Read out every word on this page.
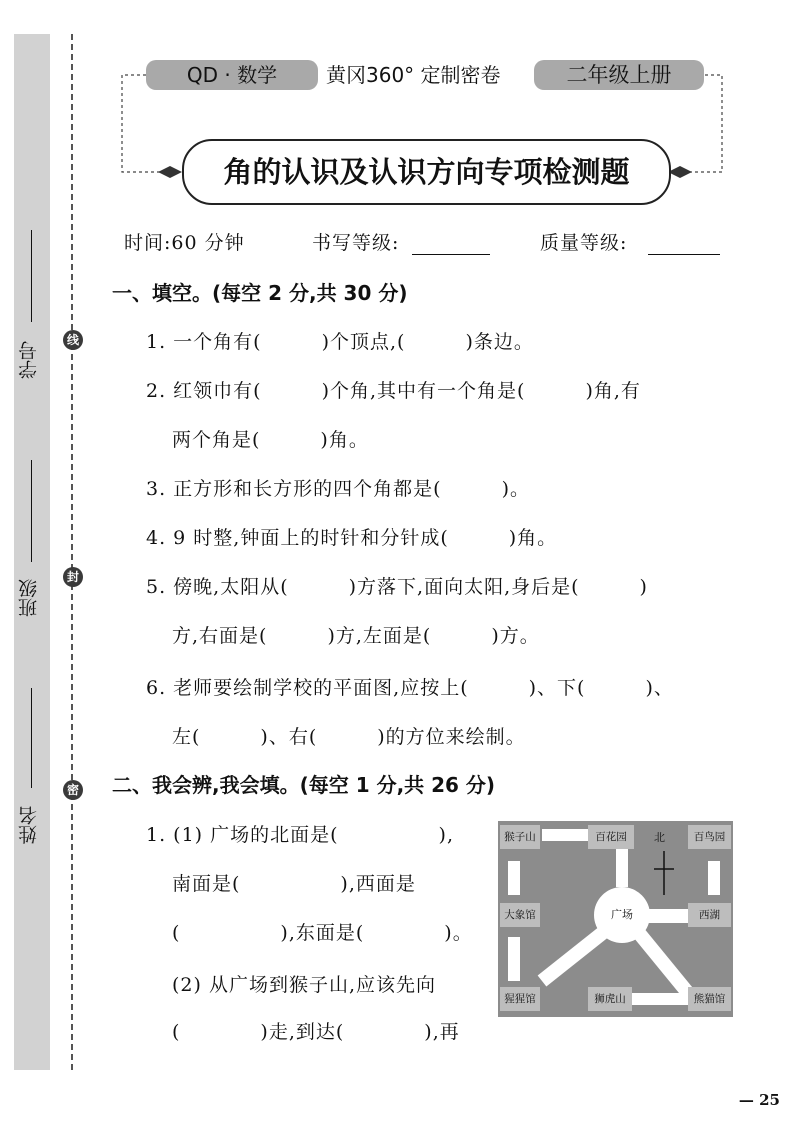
学号
班级
姓名
线
封
密
QD · 数学	黄冈360° 定制密卷	二年级上册
角的认识及认识方向专项检测题
时间:60 分钟	书写等级:	质量等级:
一、填空。(每空 2 分,共 30 分)
1. 一个角有(　　　)个顶点,(　　　)条边。
2. 红领巾有(　　　)个角,其中有一个角是(　　　)角,有
两个角是(　　　)角。
3. 正方形和长方形的四个角都是(　　　)。
4. 9 时整,钟面上的时针和分针成(　　　)角。
5. 傍晚,太阳从(　　　)方落下,面向太阳,身后是(　　　)
方,右面是(　　　)方,左面是(　　　)方。
6. 老师要绘制学校的平面图,应按上(　　　)、下(　　　)、
左(　　　)、右(　　　)的方位来绘制。
二、我会辨,我会填。(每空 1 分,共 26 分)
1. (1) 广场的北面是(　　　　　),
南面是(　　　　　),西面是
(　　　　　),东面是(　　　　)。
(2) 从广场到猴子山,应该先向
(　　　　)走,到达(　　　　),再
猴子山	百花园	百鸟园
大象馆	西湖
猩猩馆	狮虎山	熊猫馆
广场
北
— 25
